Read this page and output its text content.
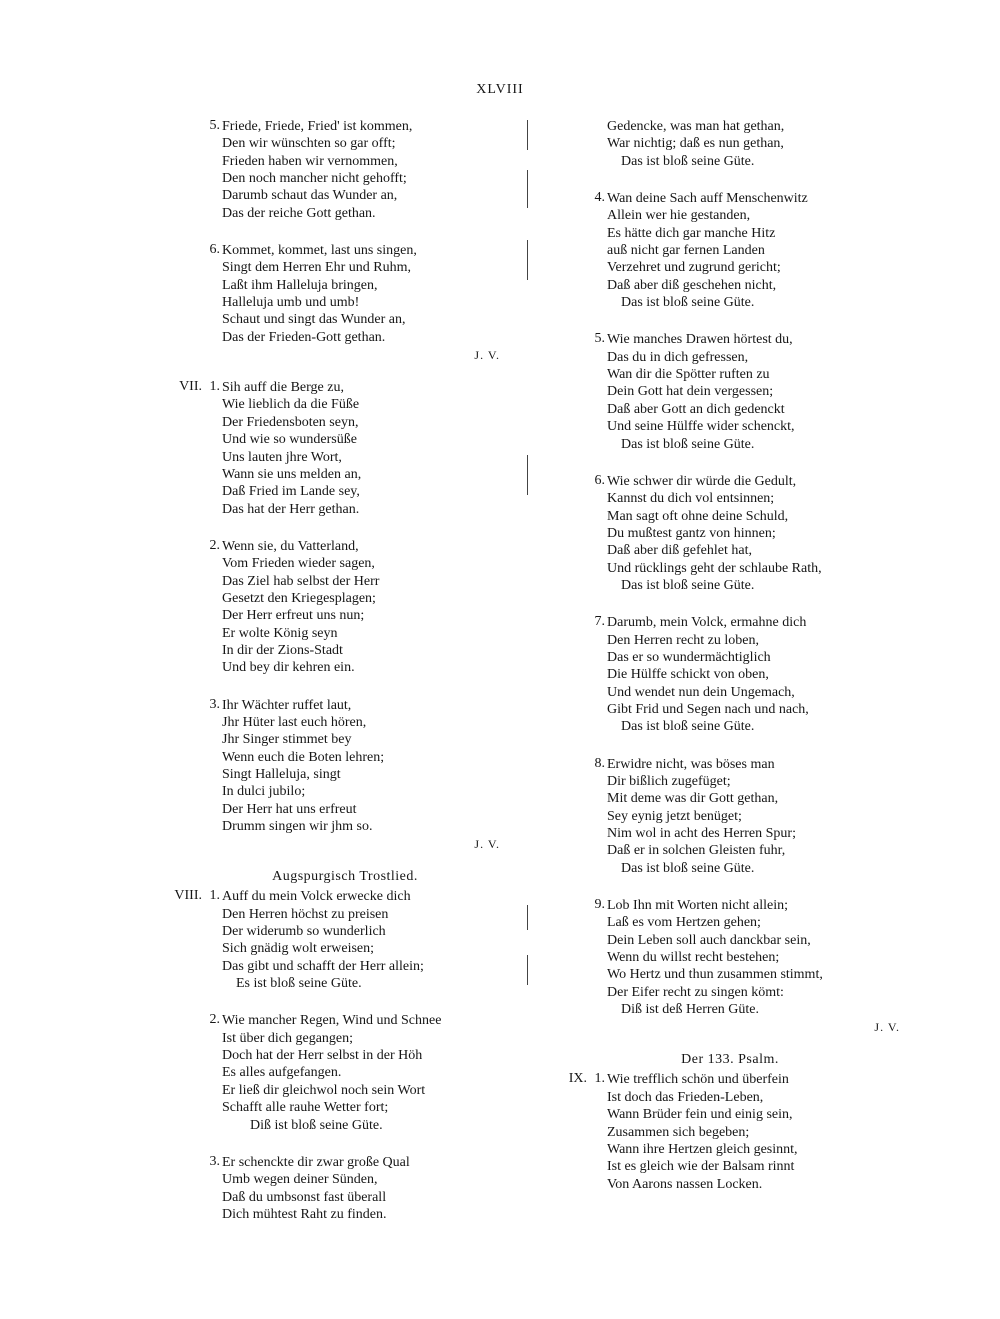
XLVIII
5. Friede, Friede, Fried' ist kommen,
Den wir wünschten so gar offt;
Frieden haben wir vernommen,
Den noch mancher nicht gehofft;
Darumb schaut das Wunder an,
Das der reiche Gott gethan.
6. Kommet, kommet, last uns singen,
Singt dem Herren Ehr und Ruhm,
Laßt ihm Halleluja bringen,
Halleluja umb und umb!
Schaut und singt das Wunder an,
Das der Frieden-Gott gethan.
J. V.
VII. 1. Sih auff die Berge zu,
Wie lieblich da die Füße
Der Friedensboten seyn,
Und wie so wundersüße
Uns lauten jhre Wort,
Wann sie uns melden an,
Daß Fried im Lande sey,
Das hat der Herr gethan.
2. Wenn sie, du Vatterland,
Vom Frieden wieder sagen,
Das Ziel hab selbst der Herr
Gesetzt den Kriegesplagen;
Der Herr erfreut uns nun;
Er wolte König seyn
In dir der Zions-Stadt
Und bey dir kehren ein.
3. Ihr Wächter ruffet laut,
Jhr Hüter last euch hören,
Jhr Singer stimmet bey
Wenn euch die Boten lehren;
Singt Halleluja, singt
In dulci jubilo;
Der Herr hat uns erfreut
Drumm singen wir jhm so.
J. V.
Augspurgisch Trostlied.
VIII. 1. Auff du mein Volck erwecke dich
Den Herren höchst zu preisen
Der widerumb so wunderlich
Sich gnädig wolt erweisen;
Das gibt und schafft der Herr allein;
Es ist bloß seine Güte.
2. Wie mancher Regen, Wind und Schnee
Ist über dich gegangen;
Doch hat der Herr selbst in der Höh
Es alles aufgefangen.
Er ließ dir gleichwol noch sein Wort
Schafft alle rauhe Wetter fort;
Diß ist bloß seine Güte.
3. Er schenckte dir zwar große Qual
Umb wegen deiner Sünden,
Daß du umbsonst fast überall
Dich mühtest Raht zu finden.
Gedencke, was man hat gethan,
War nichtig; daß es nun gethan,
Das ist bloß seine Güte.
4. Wan deine Sach auff Menschenwitz
Allein wer hie gestanden,
Es hätte dich gar manche Hitz
auß nicht gar fernen Landen
Verzehret und zugrund gericht;
Daß aber diß geschehen nicht,
Das ist bloß seine Güte.
5. Wie manches Drawen hörtest du,
Das du in dich gefressen,
Wan dir die Spötter ruften zu
Dein Gott hat dein vergessen;
Daß aber Gott an dich gedenckt
Und seine Hülffe wider schenckt,
Das ist bloß seine Güte.
6. Wie schwer dir würde die Gedult,
Kannst du dich vol entsinnen;
Man sagt oft ohne deine Schuld,
Du mußtest gantz von hinnen;
Daß aber diß gefehlet hat,
Und rücklings geht der schlaube Rath,
Das ist bloß seine Güte.
7. Darumb, mein Volck, ermahne dich
Den Herren recht zu loben,
Das er so wundermächtiglich
Die Hülffe schickt von oben,
Und wendet nun dein Ungemach,
Gibt Frid und Segen nach und nach,
Das ist bloß seine Güte.
8. Erwidre nicht, was böses man
Dir bißlich zugefüget;
Mit deme was dir Gott gethan,
Sey eynig jetzt benüget;
Nim wol in acht des Herren Spur;
Daß er in solchen Gleisten fuhr,
Das ist bloß seine Güte.
9. Lob Ihn mit Worten nicht allein;
Laß es vom Hertzen gehen;
Dein Leben soll auch danckbar sein,
Wenn du willst recht bestehen;
Wo Hertz und thun zusammen stimmt,
Der Eifer recht zu singen kömt:
Diß ist deß Herren Güte.
J. V.
Der 133. Psalm.
IX. 1. Wie trefflich schön und überfein
Ist doch das Frieden-Leben,
Wann Brüder fein und einig sein,
Zusammen sich begeben;
Wann ihre Hertzen gleich gesinnt,
Ist es gleich wie der Balsam rinnt
Von Aarons nassen Locken.
